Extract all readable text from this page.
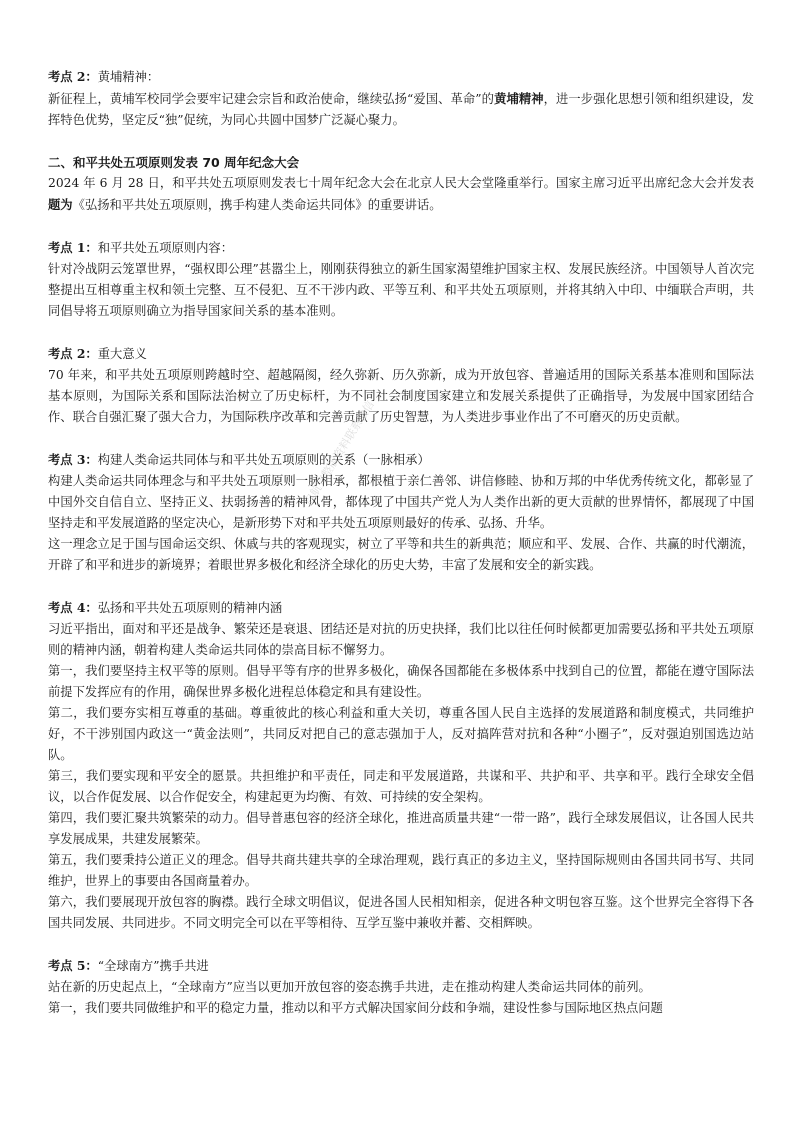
考点 2：黄埔精神：

新征程上，黄埔军校同学会要牢记建会宗旨和政治使命，继续弘扬“爱国、革命”的黄埔精神，进一步强化思想引领和组织建设，发挥特色优势，坚定反“独”促统，为同心共圆中国梦广泛凝心聚力。

二、和平共处五项原则发表 70 周年纪念大会

2024 年 6 月 28 日，和平共处五项原则发表七十周年纪念大会在北京人民大会堂隆重举行。国家主席习近平出席纪念大会并发表题为《弘扬和平共处五项原则，携手构建人类命运共同体》的重要讲话。

考点 1：和平共处五项原则内容：

针对冷战阴云笼罩世界，“强权即公理”甚嚣尘上，刚刚获得独立的新生国家渴望维护国家主权、发展民族经济。中国领导人首次完整提出互相尊重主权和领土完整、互不侵犯、互不干涉内政、平等互利、和平共处五项原则，并将其纳入中印、中缅联合声明，共同倡导将五项原则确立为指导国家间关系的基本准则。

考点 2：重大意义

70 年来，和平共处五项原则跨越时空、超越隔阂，经久弥新、历久弥新，成为开放包容、普遍适用的国际关系基本准则和国际法基本原则，为国际关系和国际法治树立了历史标杆，为不同社会制度国家建立和发展关系提供了正确指导，为发展中国家团结合作、联合自强汇聚了强大合力，为国际秩序改革和完善贡献了历史智慧，为人类进步事业作出了不可磨灭的历史贡献。

考点 3：构建人类命运共同体与和平共处五项原则的关系（一脉相承）

构建人类命运共同体理念与和平共处五项原则一脉相承，都根植于亲仁善邻、讲信修睦、协和万邦的中华优秀传统文化，都彰显了中国外交自信自立、坚持正义、扶弱扬善的精神风骨，都体现了中国共产党人为人类作出新的更大贡献的世界情怀，都展现了中国坚持走和平发展道路的坚定决心，是新形势下对和平共处五项原则最好的传承、弘扬、升华。

这一理念立足于国与国命运交织、休戚与共的客观现实，树立了平等和共生的新典范；顺应和平、发展、合作、共赢的时代潮流，开辟了和平和进步的新境界；着眼世界多极化和经济全球化的历史大势，丰富了发展和安全的新实践。

考点 4：弘扬和平共处五项原则的精神内涵

习近平指出，面对和平还是战争、繁荣还是衰退、团结还是对抗的历史抉择，我们比以往任何时候都更加需要弘扬和平共处五项原则的精神内涵，朝着构建人类命运共同体的崇高目标不懈努力。

第一，我们要坚持主权平等的原则。倡导平等有序的世界多极化，确保各国都能在多极体系中找到自己的位置，都能在遵守国际法前提下发挥应有的作用，确保世界多极化进程总体稳定和具有建设性。

第二，我们要夯实相互尊重的基础。尊重彼此的核心利益和重大关切，尊重各国人民自主选择的发展道路和制度模式，共同维护好，不干涉别国内政这一“黄金法则”，共同反对把自己的意志强加于人，反对搞阵营对抗和各种“小圈子”，反对强迫别国选边站队。

第三，我们要实现和平安全的愿景。共担维护和平责任，同走和平发展道路，共谋和平、共护和平、共享和平。践行全球安全倡议，以合作促发展、以合作促安全，构建起更为均衡、有效、可持续的安全架构。

第四，我们要汇聚共筑繁荣的动力。倡导普惠包容的经济全球化，推进高质量共建“一带一路”，践行全球发展倡议，让各国人民共享发展成果，共建发展繁荣。

第五，我们要秉持公道正义的理念。倡导共商共建共享的全球治理观，践行真正的多边主义，坚持国际规则由各国共同书写、共同维护，世界上的事要由各国商量着办。

第六，我们要展现开放包容的胸襟。践行全球文明倡议，促进各国人民相知相亲，促进各种文明包容互鉴。这个世界完全容得下各国共同发展、共同进步。不同文明完全可以在平等相待、互学互鉴中兼收并蓄、交相辉映。

考点 5：“全球南方”携手共进

站在新的历史起点上，“全球南方”应当以更加开放包容的姿态携手共进，走在推动构建人类命运共同体的前列。

第一，我们要共同做维护和平的稳定力量，推动以和平方式解决国家间分歧和争端，建设性参与国际地区热点问题

启航完整版资料联系微信
